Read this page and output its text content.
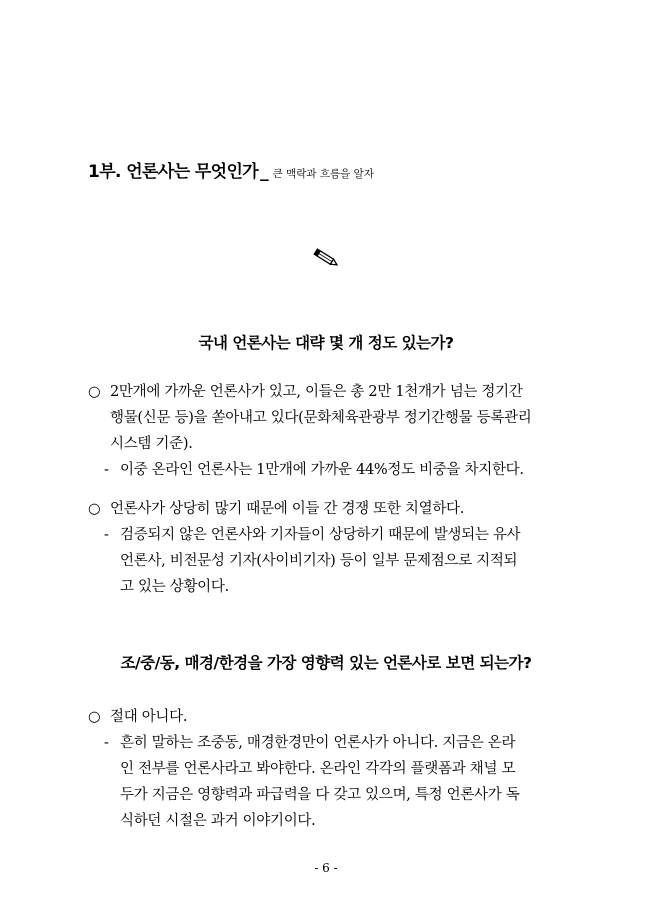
1부. 언론사는 무엇인가 _ 큰 맥락과 흐름을 알자
국내 언론사는 대략 몇 개 정도 있는가?
○ 2만개에 가까운 언론사가 있고, 이들은 총 2만 1천개가 넘는 정기간
행물(신문 등)을 쏟아내고 있다(문화체육관광부 정기간행물 등록관리
시스템 기준).
- 이중 온라인 언론사는 1만개에 가까운 44%정도 비중을 차지한다.
○ 언론사가 상당히 많기 때문에 이들 간 경쟁 또한 치열하다.
- 검증되지 않은 언론사와 기자들이 상당하기 때문에 발생되는 유사
언론사, 비전문성 기자(사이비기자) 등이 일부 문제점으로 지적되
고 있는 상황이다.
조/중/동, 매경/한경을 가장 영향력 있는 언론사로 보면 되는가?
○ 절대 아니다.
- 흔히 말하는 조중동, 매경한경만이 언론사가 아니다. 지금은 온라
인 전부를 언론사라고 봐야한다. 온라인 각각의 플랫폼과 채널 모
두가 지금은 영향력과 파급력을 다 갖고 있으며, 특정 언론사가 독
식하던 시절은 과거 이야기이다.
- 6 -
